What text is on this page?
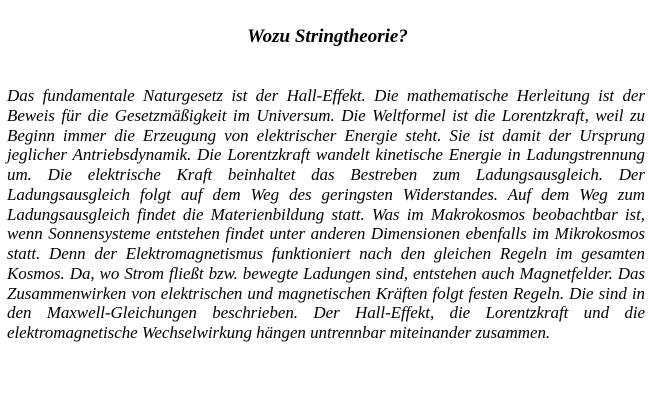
Wozu Stringtheorie?

Das fundamentale Naturgesetz ist der Hall-Effekt. Die mathematische Herleitung ist der Beweis für die Gesetzmäßigkeit im Universum. Die Weltformel ist die Lorentzkraft, weil zu Beginn immer die Erzeugung von elektrischer Energie steht. Sie ist damit der Ursprung jeglicher Antriebsdynamik. Die Lorentzkraft wandelt kinetische Energie in Ladungstrennung um. Die elektrische Kraft beinhaltet das Bestreben zum Ladungsausgleich. Der Ladungsausgleich folgt auf dem Weg des geringsten Widerstandes. Auf dem Weg zum Ladungsausgleich findet die Materienbildung statt. Was im Makrokosmos beobachtbar ist, wenn Sonnensysteme entstehen findet unter anderen Dimensionen ebenfalls im Mikrokosmos statt. Denn der Elektromagnetismus funktioniert nach den gleichen Regeln im gesamten Kosmos. Da, wo Strom fließt bzw. bewegte Ladungen sind, entstehen auch Magnetfelder. Das Zusammenwirken von elektrischen und magnetischen Kräften folgt festen Regeln. Die sind in den Maxwell-Gleichungen beschrieben. Der Hall-Effekt, die Lorentzkraft und die elektromagnetische Wechselwirkung hängen untrennbar miteinander zusammen.
